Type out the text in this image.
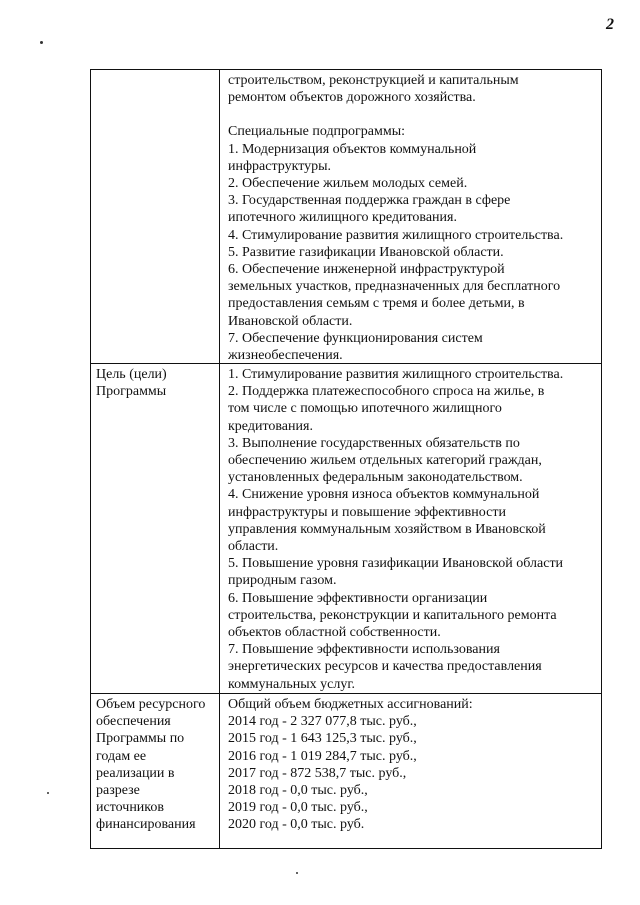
2
строительством, реконструкцией и капитальным
ремонтом объектов дорожного хозяйства.
Специальные подпрограммы:
1. Модернизация объектов коммунальной
инфраструктуры.
2. Обеспечение жильем молодых семей.
3. Государственная поддержка граждан в сфере
ипотечного жилищного кредитования.
4. Стимулирование развития жилищного строительства.
5. Развитие газификации Ивановской области.
6. Обеспечение инженерной инфраструктурой
земельных участков, предназначенных для бесплатного
предоставления семьям с тремя и более детьми, в
Ивановской области.
7. Обеспечение функционирования систем
жизнеобеспечения.
Цель (цели)
Программы
1. Стимулирование развития жилищного строительства.
2. Поддержка платежеспособного спроса на жилье, в
том числе с помощью ипотечного жилищного
кредитования.
3. Выполнение государственных обязательств по
обеспечению жильем отдельных категорий граждан,
установленных федеральным законодательством.
4. Снижение уровня износа объектов коммунальной
инфраструктуры и повышение эффективности
управления коммунальным хозяйством в Ивановской
области.
5. Повышение уровня газификации Ивановской области
природным газом.
6. Повышение эффективности организации
строительства, реконструкции и капитального ремонта
объектов областной собственности.
7. Повышение эффективности использования
энергетических ресурсов и качества предоставления
коммунальных услуг.
Объем ресурсного
обеспечения
Программы по
годам ее
реализации в
разрезе
источников
финансирования
Общий объем бюджетных ассигнований:
2014 год - 2 327 077,8 тыс. руб.,
2015 год - 1 643 125,3 тыс. руб.,
2016 год - 1 019 284,7 тыс. руб.,
2017 год - 872 538,7 тыс. руб.,
2018 год - 0,0 тыс. руб.,
2019 год - 0,0 тыс. руб.,
2020 год - 0,0 тыс. руб.
